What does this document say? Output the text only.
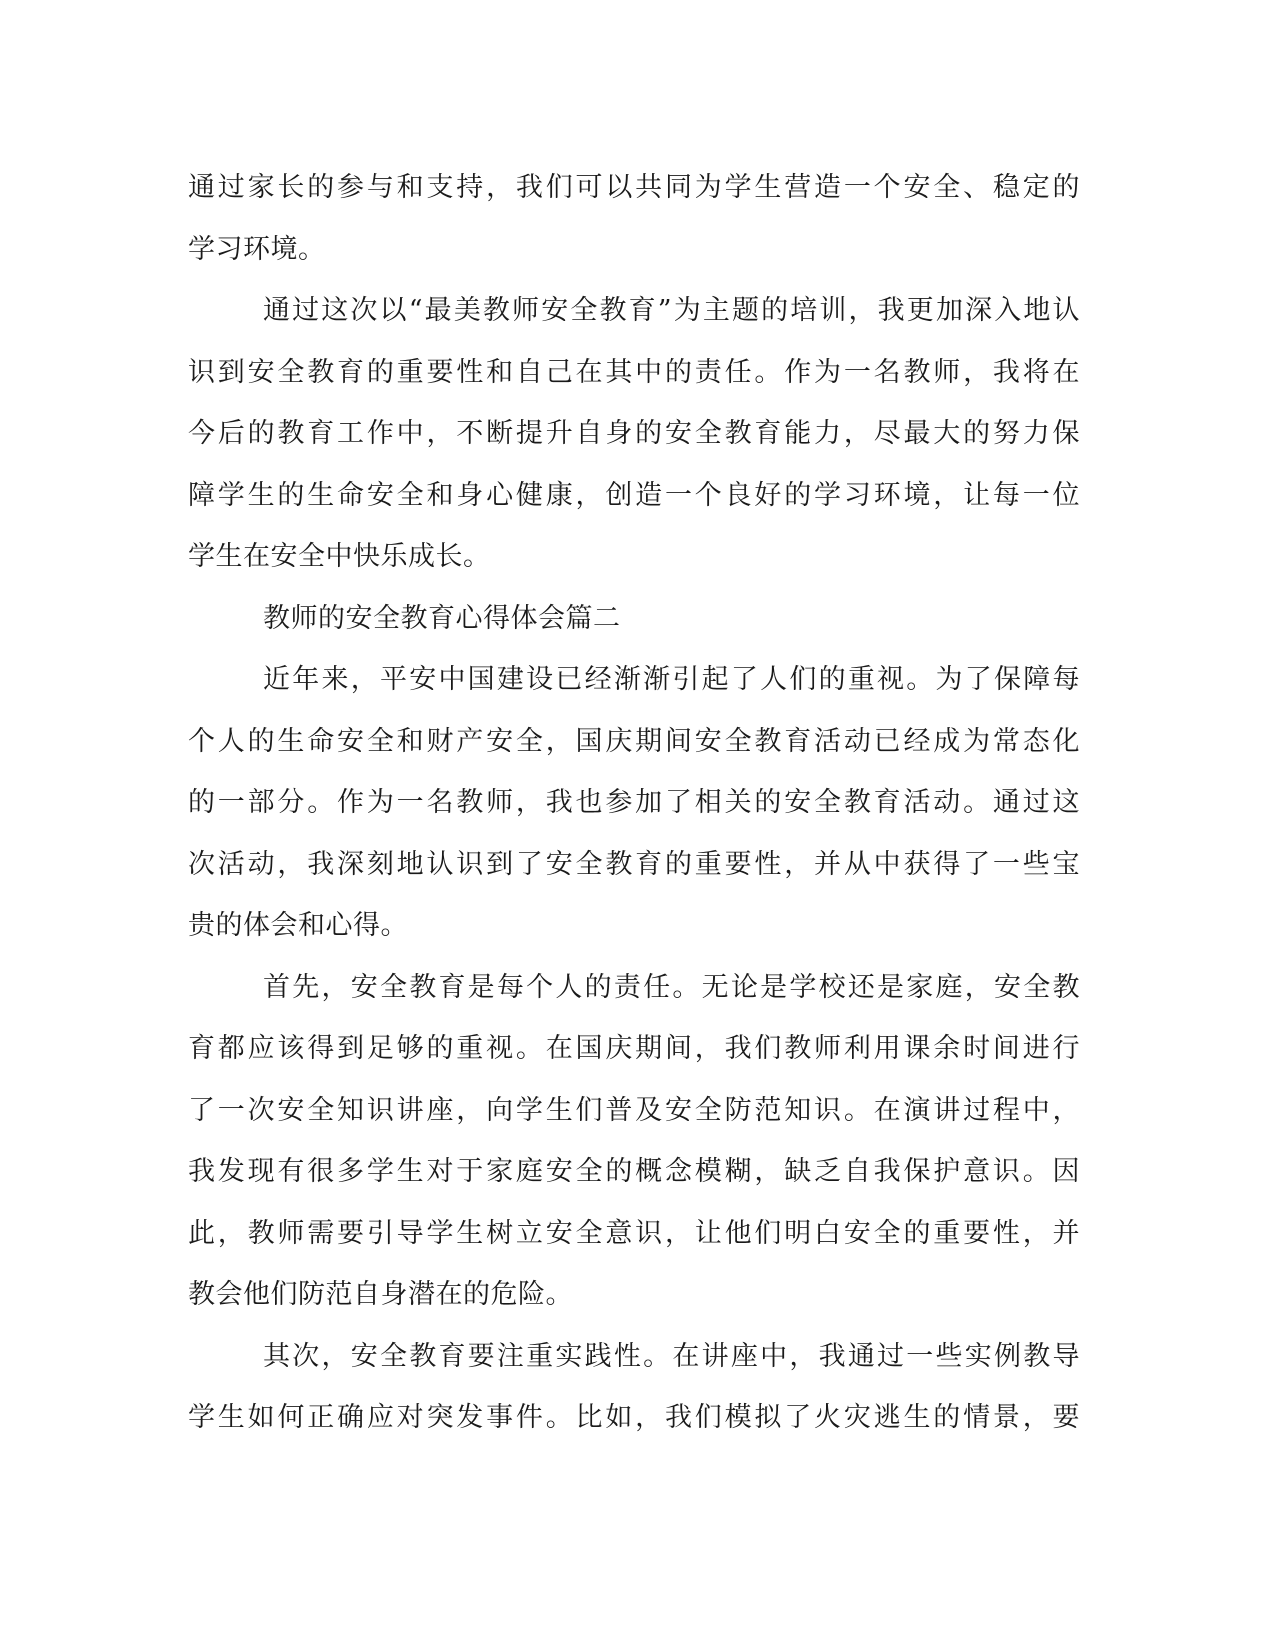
通过家长的参与和支持，我们可以共同为学生营造一个安全、稳定的
学习环境。
通过这次以“最美教师安全教育”为主题的培训，我更加深入地认
识到安全教育的重要性和自己在其中的责任。作为一名教师，我将在
今后的教育工作中，不断提升自身的安全教育能力，尽最大的努力保
障学生的生命安全和身心健康，创造一个良好的学习环境，让每一位
学生在安全中快乐成长。
教师的安全教育心得体会篇二
近年来，平安中国建设已经渐渐引起了人们的重视。为了保障每
个人的生命安全和财产安全，国庆期间安全教育活动已经成为常态化
的一部分。作为一名教师，我也参加了相关的安全教育活动。通过这
次活动，我深刻地认识到了安全教育的重要性，并从中获得了一些宝
贵的体会和心得。
首先，安全教育是每个人的责任。无论是学校还是家庭，安全教
育都应该得到足够的重视。在国庆期间，我们教师利用课余时间进行
了一次安全知识讲座，向学生们普及安全防范知识。在演讲过程中，
我发现有很多学生对于家庭安全的概念模糊，缺乏自我保护意识。因
此，教师需要引导学生树立安全意识，让他们明白安全的重要性，并
教会他们防范自身潜在的危险。
其次，安全教育要注重实践性。在讲座中，我通过一些实例教导
学生如何正确应对突发事件。比如，我们模拟了火灾逃生的情景，要
